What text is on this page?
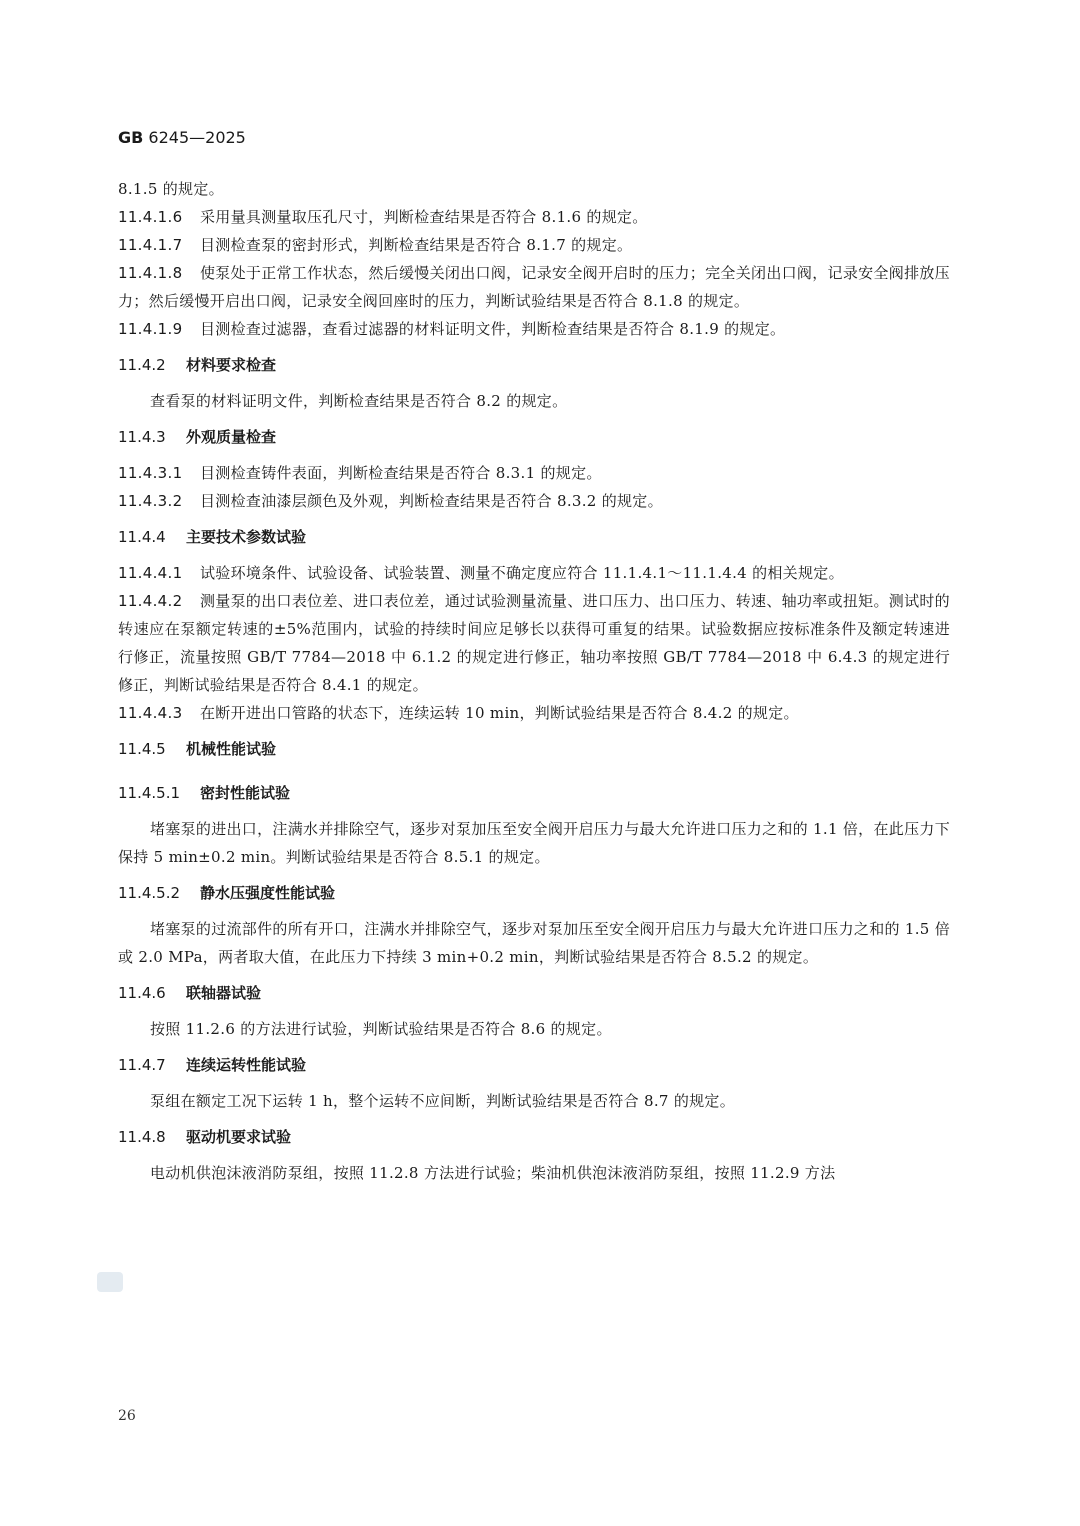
GB 6245—2025

8.1.5 的规定。

11.4.1.6 采用量具测量取压孔尺寸，判断检查结果是否符合 8.1.6 的规定。

11.4.1.7 目测检查泵的密封形式，判断检查结果是否符合 8.1.7 的规定。

11.4.1.8 使泵处于正常工作状态，然后缓慢关闭出口阀，记录安全阀开启时的压力；完全关闭出口阀，记录安全阀排放压力；然后缓慢开启出口阀，记录安全阀回座时的压力，判断试验结果是否符合 8.1.8 的规定。

11.4.1.9 目测检查过滤器，查看过滤器的材料证明文件，判断检查结果是否符合 8.1.9 的规定。

11.4.2 材料要求检查

查看泵的材料证明文件，判断检查结果是否符合 8.2 的规定。

11.4.3 外观质量检查

11.4.3.1 目测检查铸件表面，判断检查结果是否符合 8.3.1 的规定。

11.4.3.2 目测检查油漆层颜色及外观，判断检查结果是否符合 8.3.2 的规定。

11.4.4 主要技术参数试验

11.4.4.1 试验环境条件、试验设备、试验装置、测量不确定度应符合 11.1.4.1～11.1.4.4 的相关规定。

11.4.4.2 测量泵的出口表位差、进口表位差，通过试验测量流量、进口压力、出口压力、转速、轴功率或扭矩。测试时的转速应在泵额定转速的±5%范围内，试验的持续时间应足够长以获得可重复的结果。试验数据应按标准条件及额定转速进行修正，流量按照 GB/T 7784—2018 中 6.1.2 的规定进行修正，轴功率按照 GB/T 7784—2018 中 6.4.3 的规定进行修正，判断试验结果是否符合 8.4.1 的规定。

11.4.4.3 在断开进出口管路的状态下，连续运转 10 min，判断试验结果是否符合 8.4.2 的规定。

11.4.5 机械性能试验
11.4.5.1 密封性能试验

堵塞泵的进出口，注满水并排除空气，逐步对泵加压至安全阀开启压力与最大允许进口压力之和的 1.1 倍，在此压力下保持 5 min±0.2 min。判断试验结果是否符合 8.5.1 的规定。

11.4.5.2 静水压强度性能试验

堵塞泵的过流部件的所有开口，注满水并排除空气，逐步对泵加压至安全阀开启压力与最大允许进口压力之和的 1.5 倍或 2.0 MPa，两者取大值，在此压力下持续 3 min+0.2 min，判断试验结果是否符合 8.5.2 的规定。

11.4.6 联轴器试验

按照 11.2.6 的方法进行试验，判断试验结果是否符合 8.6 的规定。

11.4.7 连续运转性能试验

泵组在额定工况下运转 1 h，整个运转不应间断，判断试验结果是否符合 8.7 的规定。

11.4.8 驱动机要求试验

电动机供泡沫液消防泵组，按照 11.2.8 方法进行试验；柴油机供泡沫液消防泵组，按照 11.2.9 方法

26
